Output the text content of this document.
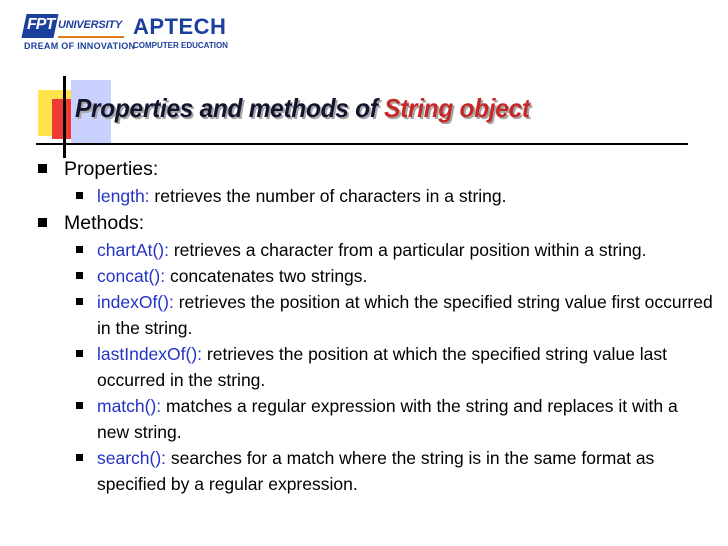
FPT UNIVERSITY
DREAM OF INNOVATION
APTECH
COMPUTER EDUCATION
Properties and methods of String object
Properties:
length: retrieves the number of characters in a string.
Methods:
chartAt(): retrieves a character from a particular position within a string.
concat(): concatenates two strings.
indexOf(): retrieves the position at which the specified string value first occurred in the string.
lastIndexOf(): retrieves the position at which the specified string value last occurred in the string.
match(): matches a regular expression with the string and replaces it with a new string.
search(): searches for a match where the string is in the same format as specified by a regular expression.
